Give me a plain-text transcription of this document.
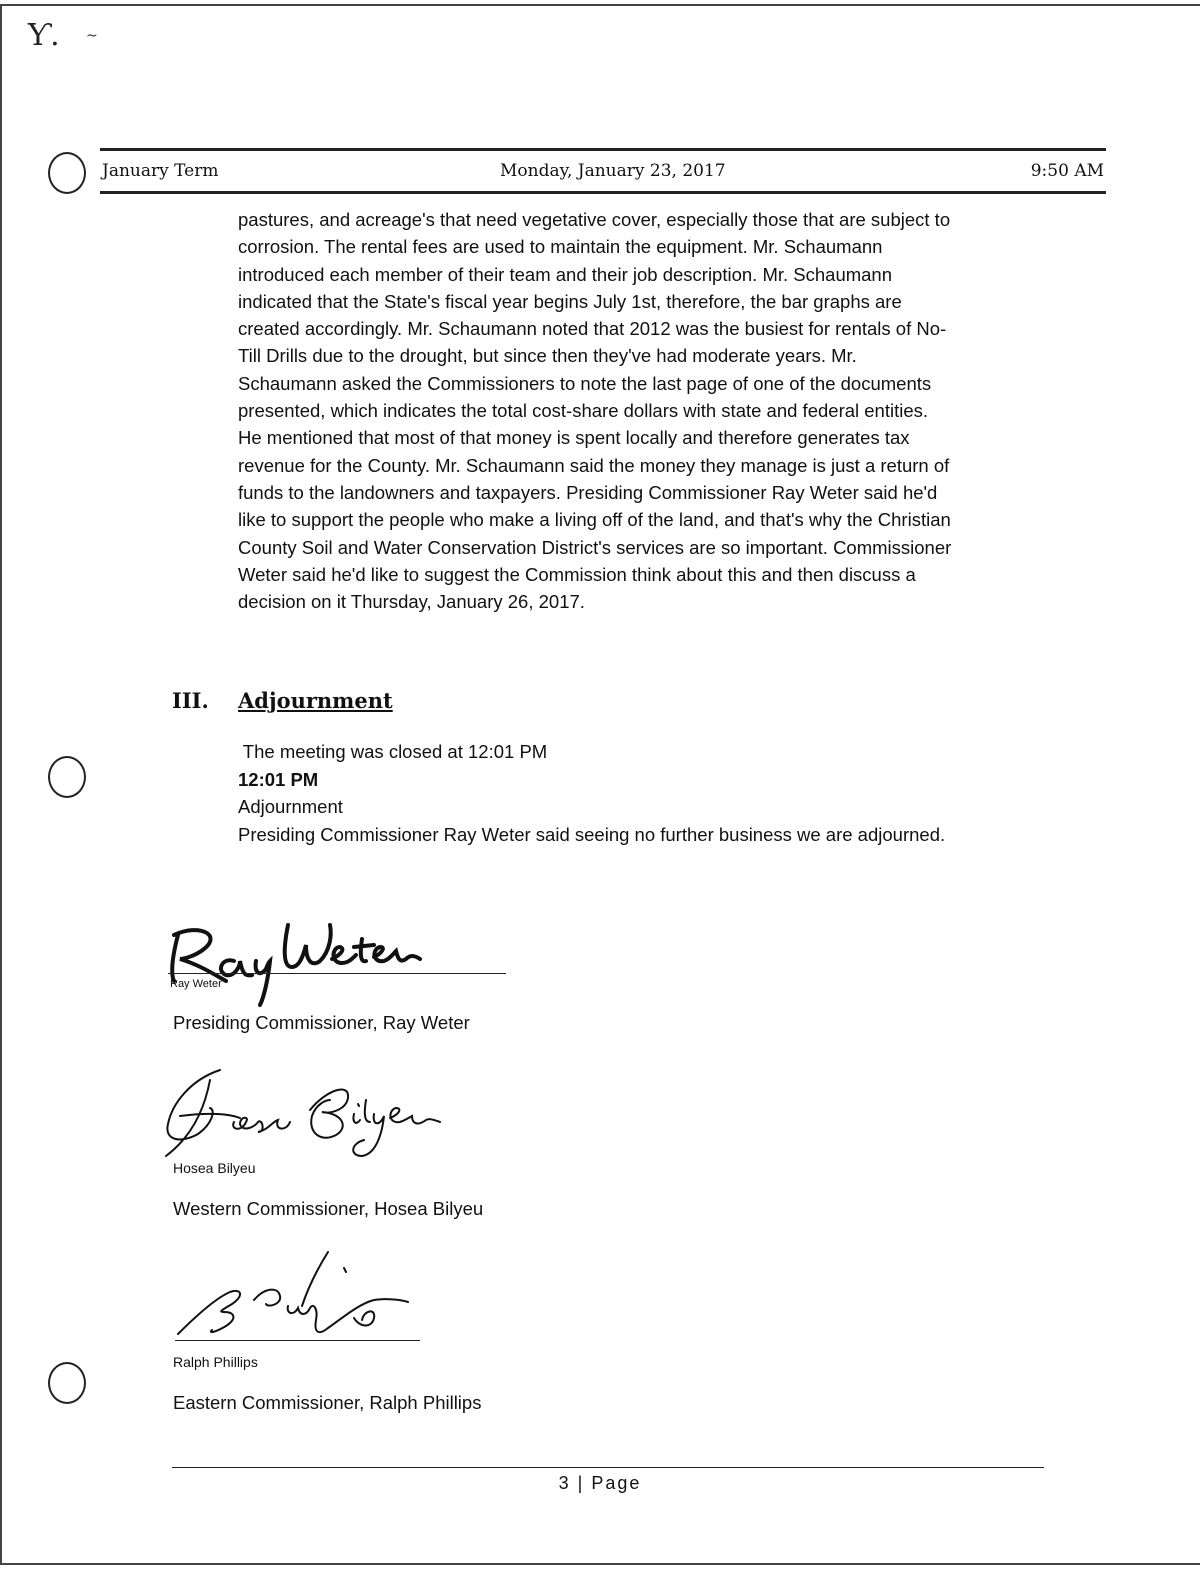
Ƴ. ~
January Term	Monday, January 23, 2017	9:50 AM
pastures, and acreage's that need vegetative cover, especially those that are subject to
corrosion. The rental fees are used to maintain the equipment. Mr. Schaumann
introduced each member of their team and their job description. Mr. Schaumann
indicated that the State's fiscal year begins July 1st, therefore, the bar graphs are
created accordingly. Mr. Schaumann noted that 2012 was the busiest for rentals of No-
Till Drills due to the drought, but since then they've had moderate years. Mr.
Schaumann asked the Commissioners to note the last page of one of the documents
presented, which indicates the total cost-share dollars with state and federal entities.
He mentioned that most of that money is spent locally and therefore generates tax
revenue for the County. Mr. Schaumann said the money they manage is just a return of
funds to the landowners and taxpayers. Presiding Commissioner Ray Weter said he'd
like to support the people who make a living off of the land, and that's why the Christian
County Soil and Water Conservation District's services are so important. Commissioner
Weter said he'd like to suggest the Commission think about this and then discuss a
decision on it Thursday, January 26, 2017.
III. Adjournment
The meeting was closed at 12:01 PM
12:01 PM
Adjournment
Presiding Commissioner Ray Weter said seeing no further business we are adjourned.
Ray Weter
Presiding Commissioner, Ray Weter
Hosea Bilyeu
Western Commissioner, Hosea Bilyeu
Ralph Phillips
Eastern Commissioner, Ralph Phillips
3 | Page
